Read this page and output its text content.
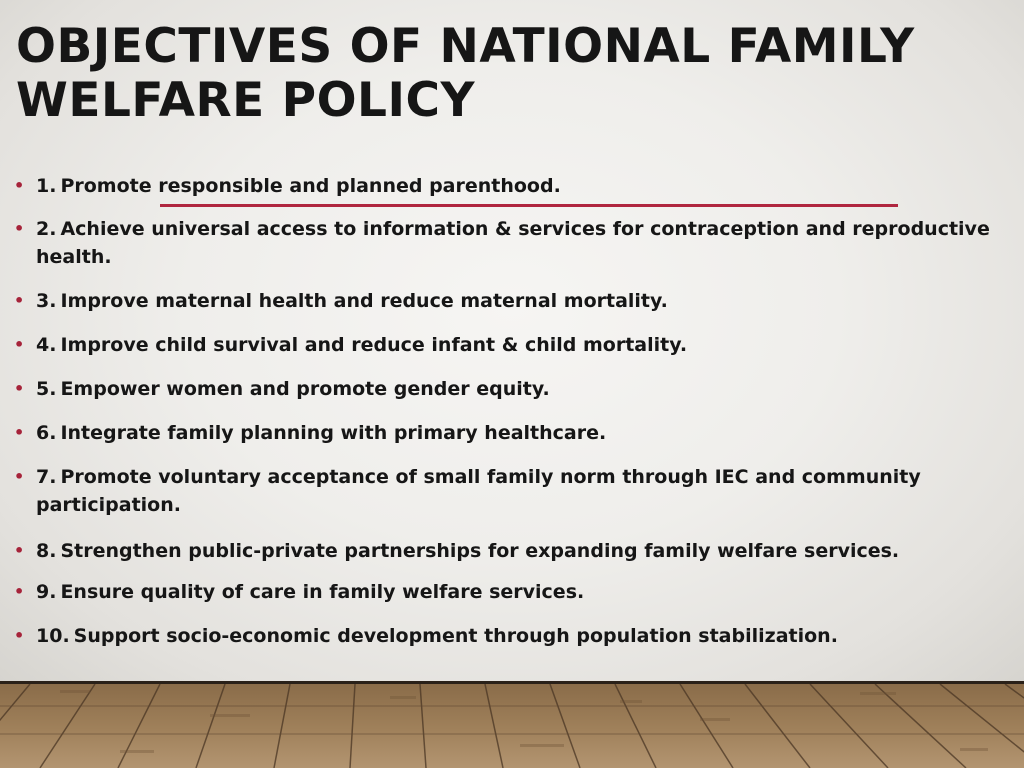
OBJECTIVES OF NATIONAL FAMILY WELFARE POLICY
• 1. Promote responsible and planned parenthood.
• 2. Achieve universal access to information & services for contraception and reproductive health.
• 3. Improve maternal health and reduce maternal mortality.
• 4. Improve child survival and reduce infant & child mortality.
• 5. Empower women and promote gender equity.
• 6. Integrate family planning with primary healthcare.
• 7. Promote voluntary acceptance of small family norm through IEC and community participation.
• 8. Strengthen public-private partnerships for expanding family welfare services.
• 9. Ensure quality of care in family welfare services.
• 10. Support socio-economic development through population stabilization.
